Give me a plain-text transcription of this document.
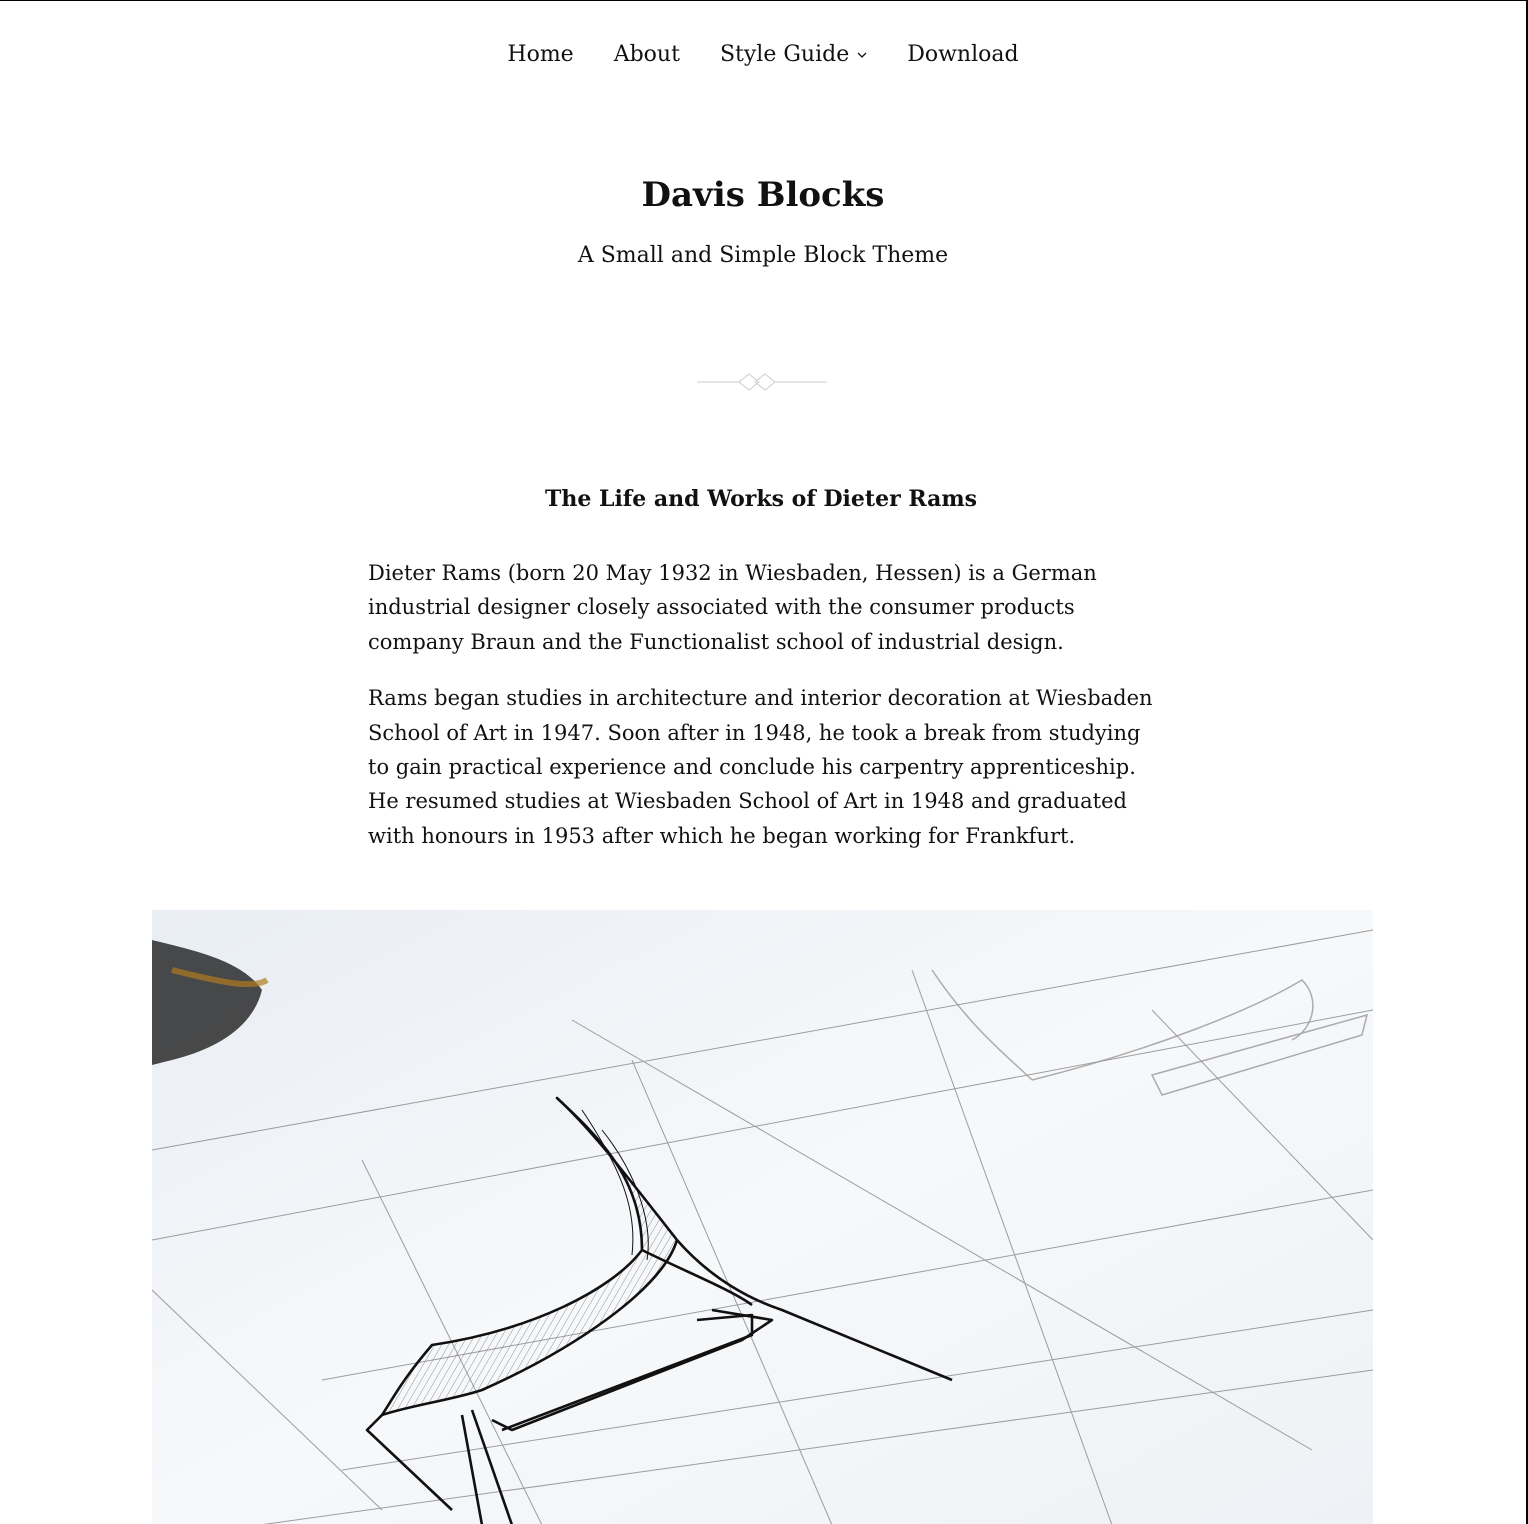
Home About Style Guide	Download
Davis Blocks

A Small and Simple Block Theme

The Life and Works of Dieter Rams

Dieter Rams (born 20 May 1932 in Wiesbaden, Hessen) is a German industrial designer closely associated with the consumer products company Braun and the Functionalist school of industrial design.

Rams began studies in architecture and interior decoration at Wiesbaden School of Art in 1947. Soon after in 1948, he took a break from studying to gain practical experience and conclude his carpentry apprenticeship. He resumed studies at Wiesbaden School of Art in 1948 and graduated with honours in 1953 after which he began working for Frankfurt.
